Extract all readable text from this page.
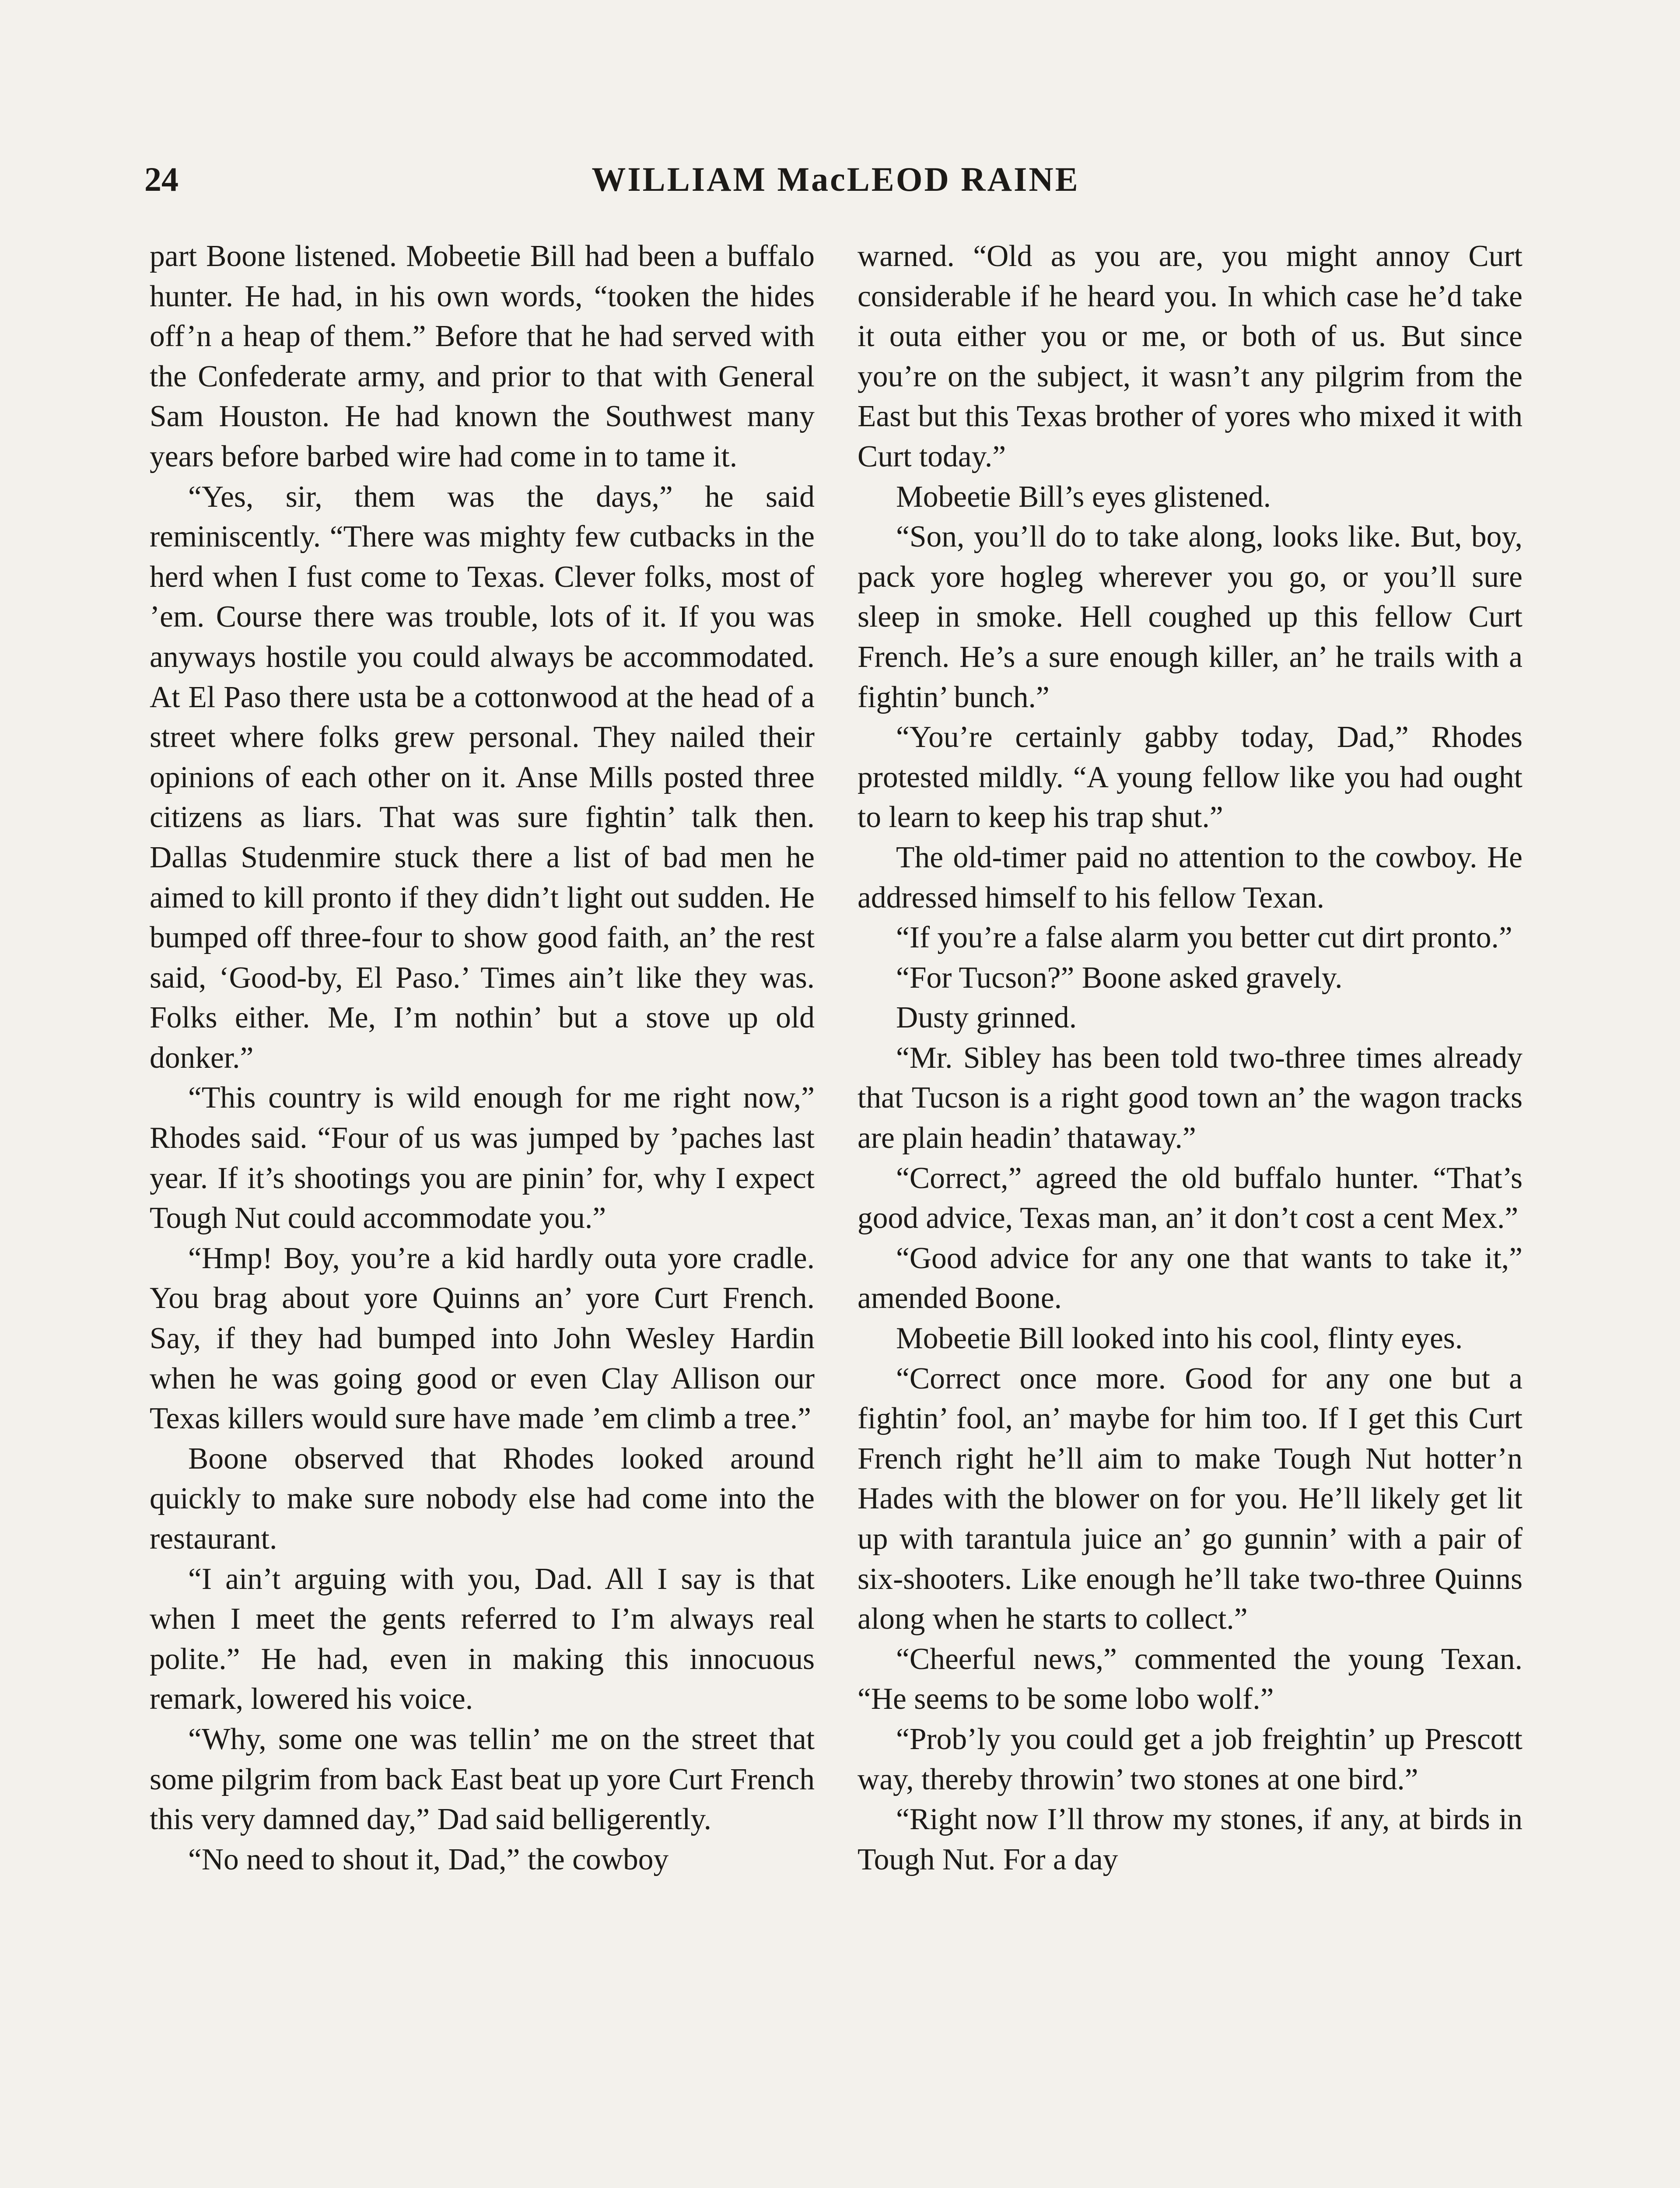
24	WILLIAM MacLEOD RAINE

part Boone listened. Mobeetie Bill had been a buffalo hunter. He had, in his own words, “tooken the hides off’n a heap of them.” Before that he had served with the Confederate army, and prior to that with General Sam Houston. He had known the Southwest many years before barbed wire had come in to tame it.

“Yes, sir, them was the days,” he said reminiscently. “There was mighty few cutbacks in the herd when I fust come to Texas. Clever folks, most of ’em. Course there was trouble, lots of it. If you was anyways hostile you could always be accommodated. At El Paso there usta be a cottonwood at the head of a street where folks grew personal. They nailed their opinions of each other on it. Anse Mills posted three citizens as liars. That was sure fightin’ talk then. Dallas Studenmire stuck there a list of bad men he aimed to kill pronto if they didn’t light out sudden. He bumped off three-four to show good faith, an’ the rest said, ‘Good-by, El Paso.’ Times ain’t like they was. Folks either. Me, I’m nothin’ but a stove up old donker.”

“This country is wild enough for me right now,” Rhodes said. “Four of us was jumped by ’paches last year. If it’s shootings you are pinin’ for, why I expect Tough Nut could accommodate you.”

“Hmp! Boy, you’re a kid hardly outa yore cradle. You brag about yore Quinns an’ yore Curt French. Say, if they had bumped into John Wesley Hardin when he was going good or even Clay Allison our Texas killers would sure have made ’em climb a tree.”

Boone observed that Rhodes looked around quickly to make sure nobody else had come into the restaurant.

“I ain’t arguing with you, Dad. All I say is that when I meet the gents referred to I’m always real polite.” He had, even in making this innocuous remark, lowered his voice.

“Why, some one was tellin’ me on the street that some pilgrim from back East beat up yore Curt French this very damned day,” Dad said belligerently.

“No need to shout it, Dad,” the cowboy

warned. “Old as you are, you might annoy Curt considerable if he heard you. In which case he’d take it outa either you or me, or both of us. But since you’re on the subject, it wasn’t any pilgrim from the East but this Texas brother of yores who mixed it with Curt today.”

Mobeetie Bill’s eyes glistened.

“Son, you’ll do to take along, looks like. But, boy, pack yore hogleg wherever you go, or you’ll sure sleep in smoke. Hell coughed up this fellow Curt French. He’s a sure enough killer, an’ he trails with a fightin’ bunch.”

“You’re certainly gabby today, Dad,” Rhodes protested mildly. “A young fellow like you had ought to learn to keep his trap shut.”

The old-timer paid no attention to the cowboy. He addressed himself to his fellow Texan.

“If you’re a false alarm you better cut dirt pronto.”

“For Tucson?” Boone asked gravely.

Dusty grinned.

“Mr. Sibley has been told two-three times already that Tucson is a right good town an’ the wagon tracks are plain headin’ thataway.”

“Correct,” agreed the old buffalo hunter. “That’s good advice, Texas man, an’ it don’t cost a cent Mex.”

“Good advice for any one that wants to take it,” amended Boone.

Mobeetie Bill looked into his cool, flinty eyes.

“Correct once more. Good for any one but a fightin’ fool, an’ maybe for him too. If I get this Curt French right he’ll aim to make Tough Nut hotter’n Hades with the blower on for you. He’ll likely get lit up with tarantula juice an’ go gunnin’ with a pair of six-shooters. Like enough he’ll take two-three Quinns along when he starts to collect.”

“Cheerful news,” commented the young Texan. “He seems to be some lobo wolf.”

“Prob’ly you could get a job freightin’ up Prescott way, thereby throwin’ two stones at one bird.”

“Right now I’ll throw my stones, if any, at birds in Tough Nut. For a day
